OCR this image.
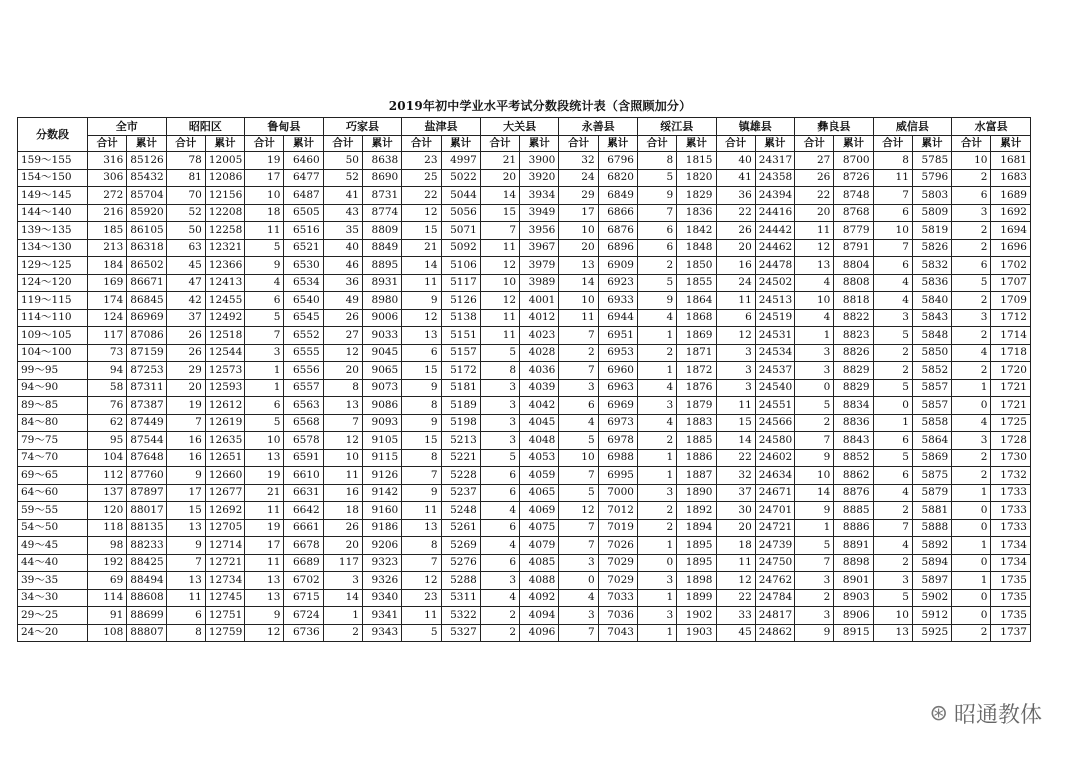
2019年初中学业水平考试分数段统计表（含照顾加分）
分数段	全市		昭阳区		鲁甸县		巧家县		盐津县		大关县		永善县		绥江县		镇雄县		彝良县		威信县		水富县	
	合计	累计	合计	累计	合计	累计	合计	累计	合计	累计	合计	累计	合计	累计	合计	累计	合计	累计	合计	累计	合计	累计	合计	累计
159～155	316	85126	78	12005	19	6460	50	8638	23	4997	21	3900	32	6796	8	1815	40	24317	27	8700	8	5785	10	1681
154～150	306	85432	81	12086	17	6477	52	8690	25	5022	20	3920	24	6820	5	1820	41	24358	26	8726	11	5796	2	1683
149～145	272	85704	70	12156	10	6487	41	8731	22	5044	14	3934	29	6849	9	1829	36	24394	22	8748	7	5803	6	1689
144～140	216	85920	52	12208	18	6505	43	8774	12	5056	15	3949	17	6866	7	1836	22	24416	20	8768	6	5809	3	1692
139～135	185	86105	50	12258	11	6516	35	8809	15	5071	7	3956	10	6876	6	1842	26	24442	11	8779	10	5819	2	1694
134～130	213	86318	63	12321	5	6521	40	8849	21	5092	11	3967	20	6896	6	1848	20	24462	12	8791	7	5826	2	1696
129～125	184	86502	45	12366	9	6530	46	8895	14	5106	12	3979	13	6909	2	1850	16	24478	13	8804	6	5832	6	1702
124～120	169	86671	47	12413	4	6534	36	8931	11	5117	10	3989	14	6923	5	1855	24	24502	4	8808	4	5836	5	1707
119～115	174	86845	42	12455	6	6540	49	8980	9	5126	12	4001	10	6933	9	1864	11	24513	10	8818	4	5840	2	1709
114～110	124	86969	37	12492	5	6545	26	9006	12	5138	11	4012	11	6944	4	1868	6	24519	4	8822	3	5843	3	1712
109～105	117	87086	26	12518	7	6552	27	9033	13	5151	11	4023	7	6951	1	1869	12	24531	1	8823	5	5848	2	1714
104～100	73	87159	26	12544	3	6555	12	9045	6	5157	5	4028	2	6953	2	1871	3	24534	3	8826	2	5850	4	1718
99～95	94	87253	29	12573	1	6556	20	9065	15	5172	8	4036	7	6960	1	1872	3	24537	3	8829	2	5852	2	1720
94～90	58	87311	20	12593	1	6557	8	9073	9	5181	3	4039	3	6963	4	1876	3	24540	0	8829	5	5857	1	1721
89～85	76	87387	19	12612	6	6563	13	9086	8	5189	3	4042	6	6969	3	1879	11	24551	5	8834	0	5857	0	1721
84～80	62	87449	7	12619	5	6568	7	9093	9	5198	3	4045	4	6973	4	1883	15	24566	2	8836	1	5858	4	1725
79～75	95	87544	16	12635	10	6578	12	9105	15	5213	3	4048	5	6978	2	1885	14	24580	7	8843	6	5864	3	1728
74～70	104	87648	16	12651	13	6591	10	9115	8	5221	5	4053	10	6988	1	1886	22	24602	9	8852	5	5869	2	1730
69～65	112	87760	9	12660	19	6610	11	9126	7	5228	6	4059	7	6995	1	1887	32	24634	10	8862	6	5875	2	1732
64～60	137	87897	17	12677	21	6631	16	9142	9	5237	6	4065	5	7000	3	1890	37	24671	14	8876	4	5879	1	1733
59～55	120	88017	15	12692	11	6642	18	9160	11	5248	4	4069	12	7012	2	1892	30	24701	9	8885	2	5881	0	1733
54～50	118	88135	13	12705	19	6661	26	9186	13	5261	6	4075	7	7019	2	1894	20	24721	1	8886	7	5888	0	1733
49～45	98	88233	9	12714	17	6678	20	9206	8	5269	4	4079	7	7026	1	1895	18	24739	5	8891	4	5892	1	1734
44～40	192	88425	7	12721	11	6689	117	9323	7	5276	6	4085	3	7029	0	1895	11	24750	7	8898	2	5894	0	1734
39～35	69	88494	13	12734	13	6702	3	9326	12	5288	3	4088	0	7029	3	1898	12	24762	3	8901	3	5897	1	1735
34～30	114	88608	11	12745	13	6715	14	9340	23	5311	4	4092	4	7033	1	1899	22	24784	2	8903	5	5902	0	1735
29～25	91	88699	6	12751	9	6724	1	9341	11	5322	2	4094	3	7036	3	1902	33	24817	3	8906	10	5912	0	1735
24～20	108	88807	8	12759	12	6736	2	9343	5	5327	2	4096	7	7043	1	1903	45	24862	9	8915	13	5925	2	1737
⊛ 昭通教体
